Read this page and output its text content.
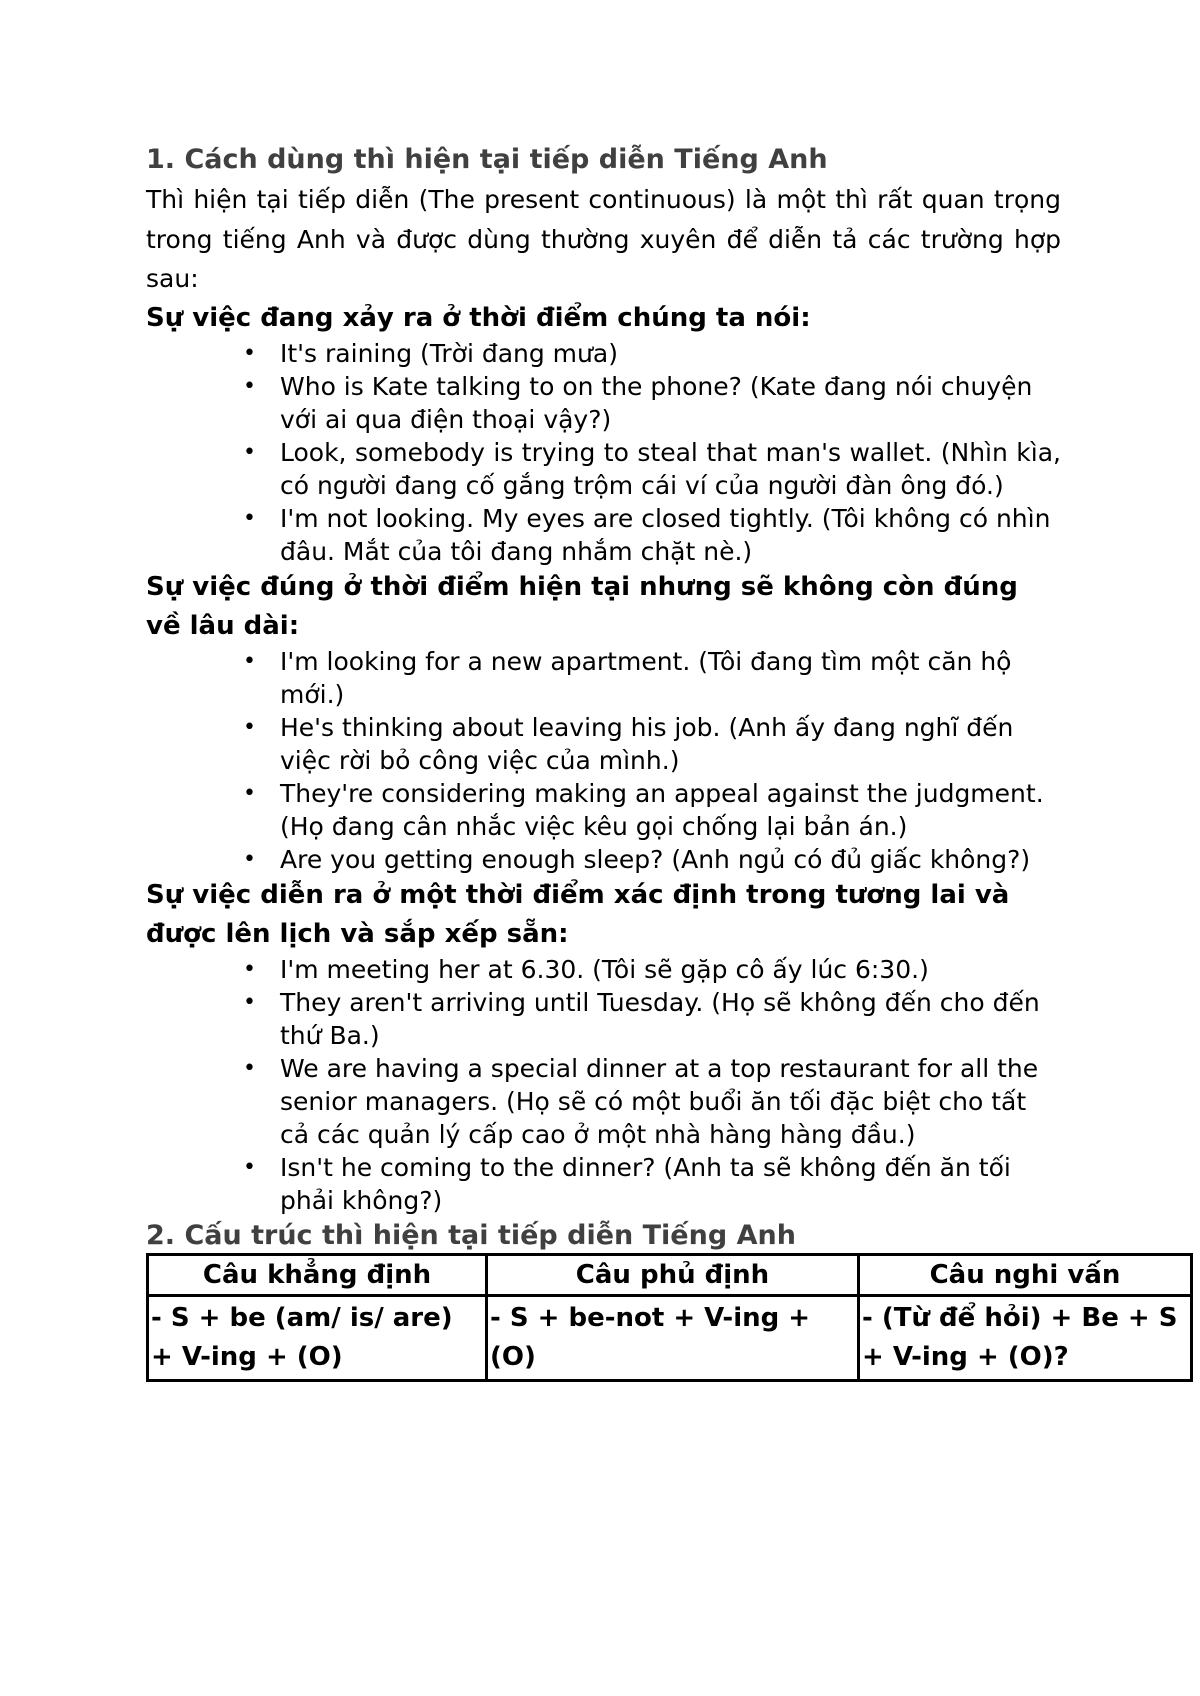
1. Cách dùng thì hiện tại tiếp diễn Tiếng Anh

Thì hiện tại tiếp diễn (The present continuous) là một thì rất quan trọng trong tiếng Anh và được dùng thường xuyên để diễn tả các trường hợp sau:

Sự việc đang xảy ra ở thời điểm chúng ta nói:

• It's raining (Trời đang mưa)
• Who is Kate talking to on the phone? (Kate đang nói chuyện với ai qua điện thoại vậy?)
• Look, somebody is trying to steal that man's wallet. (Nhìn kìa, có người đang cố gắng trộm cái ví của người đàn ông đó.)
• I'm not looking. My eyes are closed tightly. (Tôi không có nhìn đâu. Mắt của tôi đang nhắm chặt nè.)

Sự việc đúng ở thời điểm hiện tại nhưng sẽ không còn đúng về lâu dài:

• I'm looking for a new apartment. (Tôi đang tìm một căn hộ mới.)
• He's thinking about leaving his job. (Anh ấy đang nghĩ đến việc rời bỏ công việc của mình.)
• They're considering making an appeal against the judgment. (Họ đang cân nhắc việc kêu gọi chống lại bản án.)
• Are you getting enough sleep? (Anh ngủ có đủ giấc không?)

Sự việc diễn ra ở một thời điểm xác định trong tương lai và được lên lịch và sắp xếp sẵn:

• I'm meeting her at 6.30. (Tôi sẽ gặp cô ấy lúc 6:30.)
• They aren't arriving until Tuesday. (Họ sẽ không đến cho đến thứ Ba.)
• We are having a special dinner at a top restaurant for all the senior managers. (Họ sẽ có một buổi ăn tối đặc biệt cho tất cả các quản lý cấp cao ở một nhà hàng hàng đầu.)
• Isn't he coming to the dinner? (Anh ta sẽ không đến ăn tối phải không?)
2. Cấu trúc thì hiện tại tiếp diễn Tiếng Anh
Câu khẳng định	Câu phủ định	Câu nghi vấn
- S + be (am/ is/ are) + V-ing + (O)	- S + be-not + V-ing + (O)	- (Từ để hỏi) + Be + S + V-ing + (O)?
